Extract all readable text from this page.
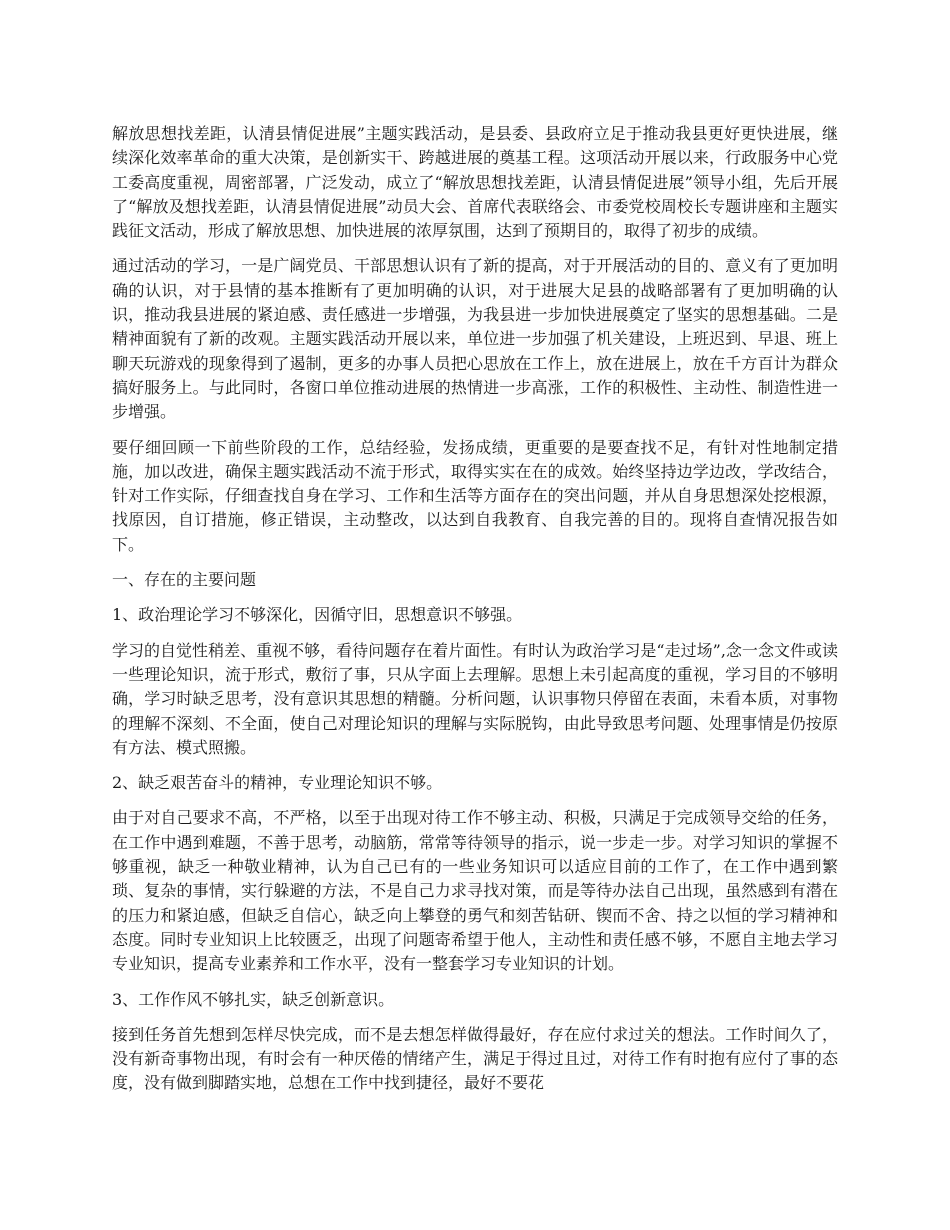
解放思想找差距，认清县情促进展”主题实践活动，是县委、县政府立足于推动我县更好更快进展，继续深化效率革命的重大决策，是创新实干、跨越进展的奠基工程。这项活动开展以来，行政服务中心党工委高度重视，周密部署，广泛发动，成立了“解放思想找差距，认清县情促进展”领导小组，先后开展了“解放及想找差距，认清县情促进展”动员大会、首席代表联络会、市委党校周校长专题讲座和主题实践征文活动，形成了解放思想、加快进展的浓厚氛围，达到了预期目的，取得了初步的成绩。

通过活动的学习，一是广阔党员、干部思想认识有了新的提高，对于开展活动的目的、意义有了更加明确的认识，对于县情的基本推断有了更加明确的认识，对于进展大足县的战略部署有了更加明确的认识，推动我县进展的紧迫感、责任感进一步增强，为我县进一步加快进展奠定了坚实的思想基础。二是精神面貌有了新的改观。主题实践活动开展以来，单位进一步加强了机关建设，上班迟到、早退、班上聊天玩游戏的现象得到了遏制，更多的办事人员把心思放在工作上，放在进展上，放在千方百计为群众搞好服务上。与此同时，各窗口单位推动进展的热情进一步高涨，工作的积极性、主动性、制造性进一步增强。

要仔细回顾一下前些阶段的工作，总结经验，发扬成绩，更重要的是要查找不足，有针对性地制定措施，加以改进，确保主题实践活动不流于形式，取得实实在在的成效。始终坚持边学边改，学改结合，针对工作实际，仔细查找自身在学习、工作和生活等方面存在的突出问题，并从自身思想深处挖根源，找原因，自订措施，修正错误，主动整改，以达到自我教育、自我完善的目的。现将自查情况报告如下。

一、存在的主要问题

1、政治理论学习不够深化，因循守旧，思想意识不够强。

学习的自觉性稍差、重视不够，看待问题存在着片面性。有时认为政治学习是“走过场”,念一念文件或读一些理论知识，流于形式，敷衍了事，只从字面上去理解。思想上未引起高度的重视，学习目的不够明确，学习时缺乏思考，没有意识其思想的精髓。分析问题，认识事物只停留在表面，未看本质，对事物的理解不深刻、不全面，使自己对理论知识的理解与实际脱钩，由此导致思考问题、处理事情是仍按原有方法、模式照搬。

2、缺乏艰苦奋斗的精神，专业理论知识不够。

由于对自己要求不高，不严格，以至于出现对待工作不够主动、积极，只满足于完成领导交给的任务，在工作中遇到难题，不善于思考，动脑筋，常常等待领导的指示，说一步走一步。对学习知识的掌握不够重视，缺乏一种敬业精神，认为自己已有的一些业务知识可以适应目前的工作了，在工作中遇到繁琐、复杂的事情，实行躲避的方法，不是自己力求寻找对策，而是等待办法自己出现，虽然感到有潜在的压力和紧迫感，但缺乏自信心，缺乏向上攀登的勇气和刻苦钻研、锲而不舍、持之以恒的学习精神和态度。同时专业知识上比较匮乏，出现了问题寄希望于他人，主动性和责任感不够，不愿自主地去学习专业知识，提高专业素养和工作水平，没有一整套学习专业知识的计划。

3、工作作风不够扎实，缺乏创新意识。

接到任务首先想到怎样尽快完成，而不是去想怎样做得最好，存在应付求过关的想法。工作时间久了，没有新奇事物出现，有时会有一种厌倦的情绪产生，满足于得过且过，对待工作有时抱有应付了事的态度，没有做到脚踏实地，总想在工作中找到捷径，最好不要花
